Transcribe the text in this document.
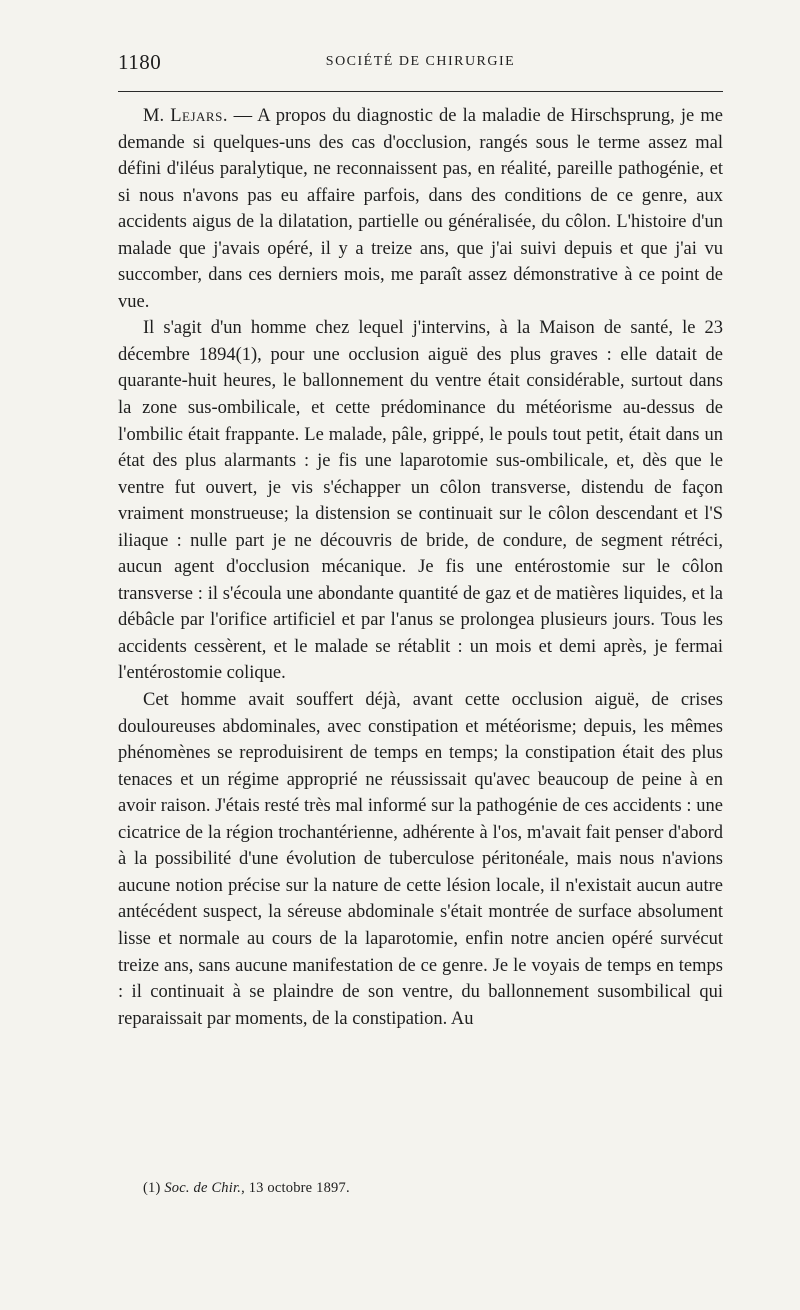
1180	SOCIÉTÉ DE CHIRURGIE

M. Lejars. — A propos du diagnostic de la maladie de Hirschsprung, je me demande si quelques-uns des cas d'occlusion, rangés sous le terme assez mal défini d'iléus paralytique, ne reconnaissent pas, en réalité, pareille pathogénie, et si nous n'avons pas eu affaire parfois, dans des conditions de ce genre, aux accidents aigus de la dilatation, partielle ou généralisée, du côlon. L'histoire d'un malade que j'avais opéré, il y a treize ans, que j'ai suivi depuis et que j'ai vu succomber, dans ces derniers mois, me paraît assez démonstrative à ce point de vue.

Il s'agit d'un homme chez lequel j'intervins, à la Maison de santé, le 23 décembre 1894(1), pour une occlusion aiguë des plus graves : elle datait de quarante-huit heures, le ballonnement du ventre était considérable, surtout dans la zone sus-ombilicale, et cette prédominance du météorisme au-dessus de l'ombilic était frappante. Le malade, pâle, grippé, le pouls tout petit, était dans un état des plus alarmants : je fis une laparotomie sus-ombilicale, et, dès que le ventre fut ouvert, je vis s'échapper un côlon transverse, distendu de façon vraiment monstrueuse; la distension se continuait sur le côlon descendant et l'S iliaque : nulle part je ne découvris de bride, de condure, de segment rétréci, aucun agent d'occlusion mécanique. Je fis une entérostomie sur le côlon transverse : il s'écoula une abondante quantité de gaz et de matières liquides, et la débâcle par l'orifice artificiel et par l'anus se prolongea plusieurs jours. Tous les accidents cessèrent, et le malade se rétablit : un mois et demi après, je fermai l'entérostomie colique.

Cet homme avait souffert déjà, avant cette occlusion aiguë, de crises douloureuses abdominales, avec constipation et météorisme; depuis, les mêmes phénomènes se reproduisirent de temps en temps; la constipation était des plus tenaces et un régime approprié ne réussissait qu'avec beaucoup de peine à en avoir raison. J'étais resté très mal informé sur la pathogénie de ces accidents : une cicatrice de la région trochantérienne, adhérente à l'os, m'avait fait penser d'abord à la possibilité d'une évolution de tuberculose péritonéale, mais nous n'avions aucune notion précise sur la nature de cette lésion locale, il n'existait aucun autre antécédent suspect, la séreuse abdominale s'était montrée de surface absolument lisse et normale au cours de la laparotomie, enfin notre ancien opéré survécut treize ans, sans aucune manifestation de ce genre. Je le voyais de temps en temps : il continuait à se plaindre de son ventre, du ballonnement susombilical qui reparaissait par moments, de la constipation. Au

(1) Soc. de Chir., 13 octobre 1897.
